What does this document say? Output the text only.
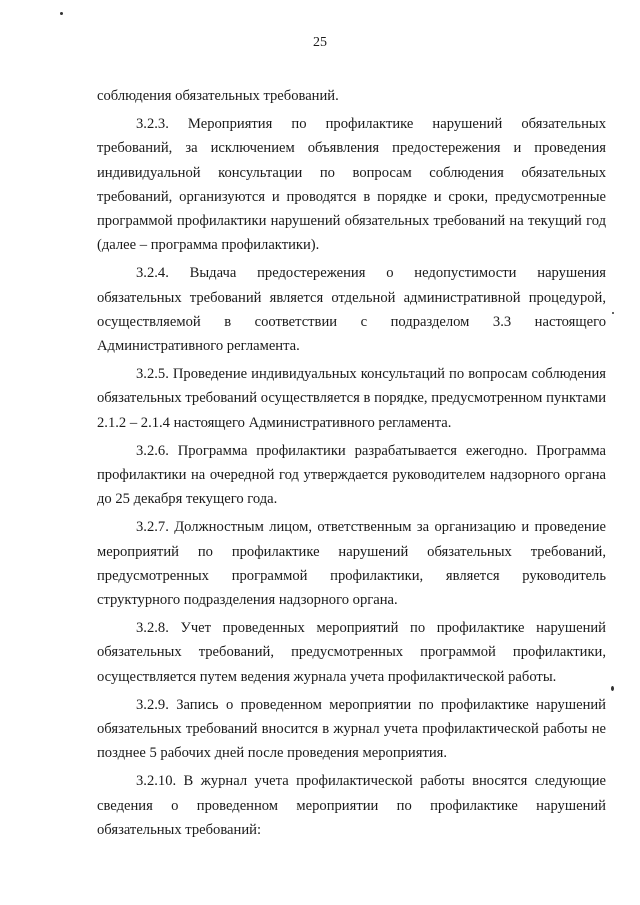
25

соблюдения обязательных требований.

3.2.3. Мероприятия по профилактике нарушений обязательных требований, за исключением объявления предостережения и проведения индивидуальной консультации по вопросам соблюдения обязательных требований, организуются и проводятся в порядке и сроки, предусмотренные программой профилактики нарушений обязательных требований на текущий год (далее – программа профилактики).

3.2.4. Выдача предостережения о недопустимости нарушения обязательных требований является отдельной административной процедурой, осуществляемой в соответствии с подразделом 3.3 настоящего Административного регламента.

3.2.5. Проведение индивидуальных консультаций по вопросам соблюдения обязательных требований осуществляется в порядке, предусмотренном пунктами 2.1.2 – 2.1.4 настоящего Административного регламента.

3.2.6. Программа профилактики разрабатывается ежегодно. Программа профилактики на очередной год утверждается руководителем надзорного органа до 25 декабря текущего года.

3.2.7. Должностным лицом, ответственным за организацию и проведение мероприятий по профилактике нарушений обязательных требований, предусмотренных программой профилактики, является руководитель структурного подразделения надзорного органа.

3.2.8. Учет проведенных мероприятий по профилактике нарушений обязательных требований, предусмотренных программой профилактики, осуществляется путем ведения журнала учета профилактической работы.

3.2.9. Запись о проведенном мероприятии по профилактике нарушений обязательных требований вносится в журнал учета профилактической работы не позднее 5 рабочих дней после проведения мероприятия.

3.2.10. В журнал учета профилактической работы вносятся следующие сведения о проведенном мероприятии по профилактике нарушений обязательных требований:
